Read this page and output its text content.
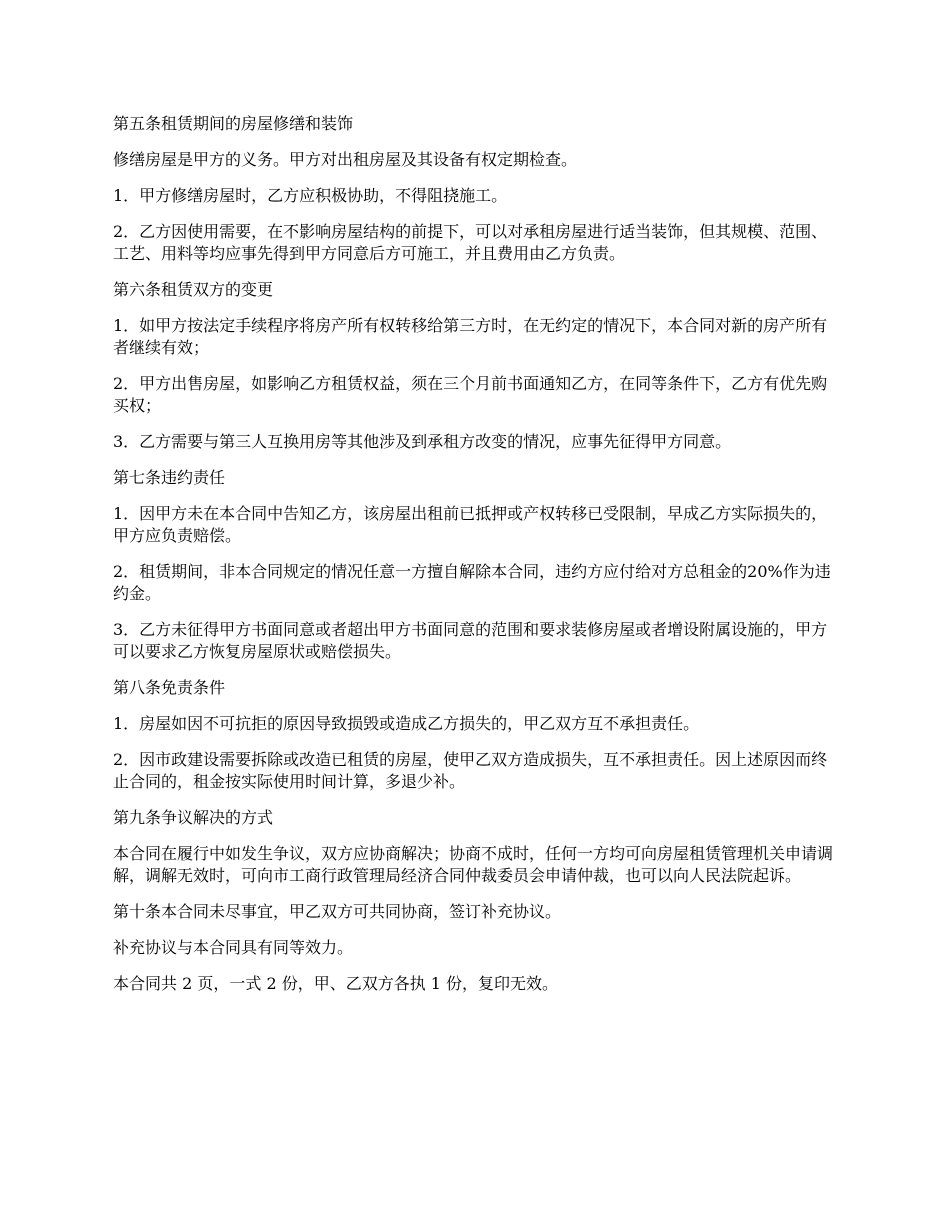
第五条租赁期间的房屋修缮和装饰

修缮房屋是甲方的义务。甲方对出租房屋及其设备有权定期检查。

1．甲方修缮房屋时，乙方应积极协助，不得阻挠施工。

2．乙方因使用需要，在不影响房屋结构的前提下，可以对承租房屋进行适当装饰，但其规模、范围、工艺、用料等均应事先得到甲方同意后方可施工，并且费用由乙方负责。

第六条租赁双方的变更

1．如甲方按法定手续程序将房产所有权转移给第三方时，在无约定的情况下，本合同对新的房产所有者继续有效；

2．甲方出售房屋，如影响乙方租赁权益，须在三个月前书面通知乙方，在同等条件下，乙方有优先购买权；

3．乙方需要与第三人互换用房等其他涉及到承租方改变的情况，应事先征得甲方同意。

第七条违约责任

1．因甲方未在本合同中告知乙方，该房屋出租前已抵押或产权转移已受限制，早成乙方实际损失的，甲方应负责赔偿。

2．租赁期间，非本合同规定的情况任意一方擅自解除本合同，违约方应付给对方总租金的20%作为违约金。

3．乙方未征得甲方书面同意或者超出甲方书面同意的范围和要求装修房屋或者增设附属设施的，甲方可以要求乙方恢复房屋原状或赔偿损失。

第八条免责条件

1．房屋如因不可抗拒的原因导致损毁或造成乙方损失的，甲乙双方互不承担责任。

2．因市政建设需要拆除或改造已租赁的房屋，使甲乙双方造成损失，互不承担责任。因上述原因而终止合同的，租金按实际使用时间计算，多退少补。

第九条争议解决的方式

本合同在履行中如发生争议，双方应协商解决；协商不成时，任何一方均可向房屋租赁管理机关申请调解，调解无效时，可向市工商行政管理局经济合同仲裁委员会申请仲裁，也可以向人民法院起诉。

第十条本合同未尽事宜，甲乙双方可共同协商，签订补充协议。

补充协议与本合同具有同等效力。

本合同共 2 页，一式 2 份，甲、乙双方各执 1 份，复印无效。
